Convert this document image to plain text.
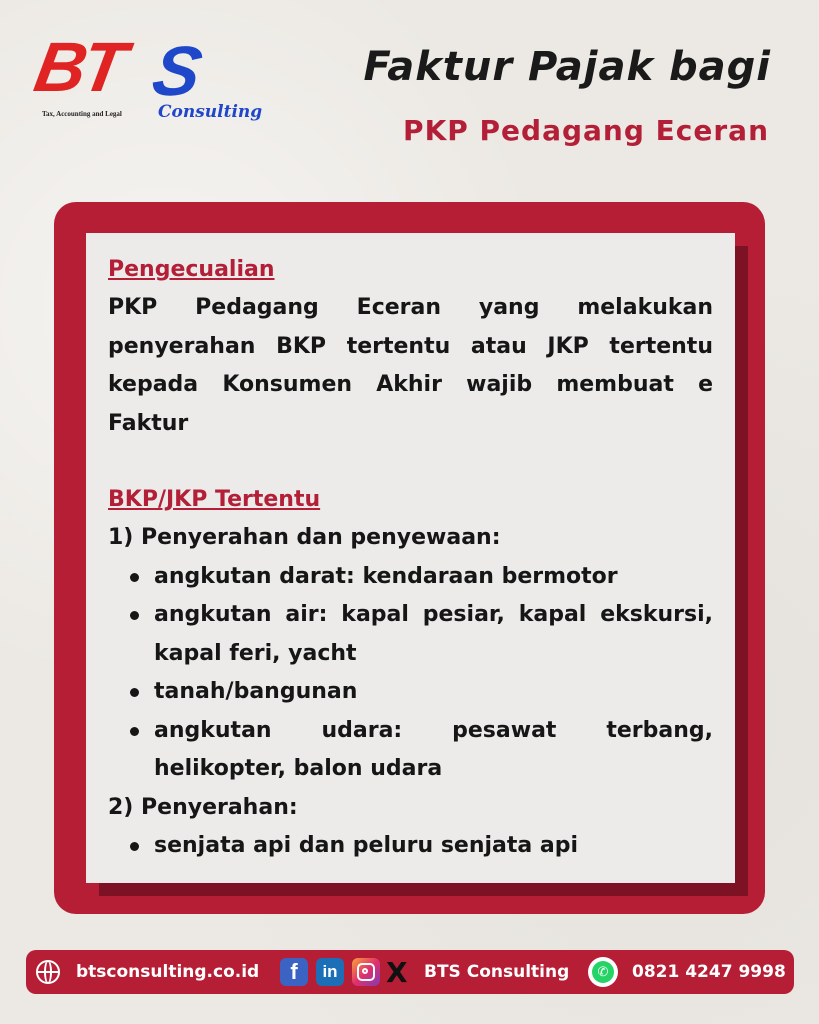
BT S
Tax, Accounting and Legal Consulting
Faktur Pajak bagi
PKP Pedagang Eceran

Pengecualian

PKP Pedagang Eceran yang melakukan penyerahan BKP tertentu atau JKP tertentu kepada Konsumen Akhir wajib membuat e Faktur

BKP/JKP Tertentu

1) Penyerahan dan penyewaan:

angkutan darat: kendaraan bermotor
angkutan air: kapal pesiar, kapal ekskursi, kapal feri, yacht
tanah/bangunan
angkutan udara: pesawat terbang, helikopter, balon udara

2) Penyerahan:

senjata api dan peluru senjata api
btsconsulting.co.id	f	in X BTS Consulting	✆	0821 4247 9998
